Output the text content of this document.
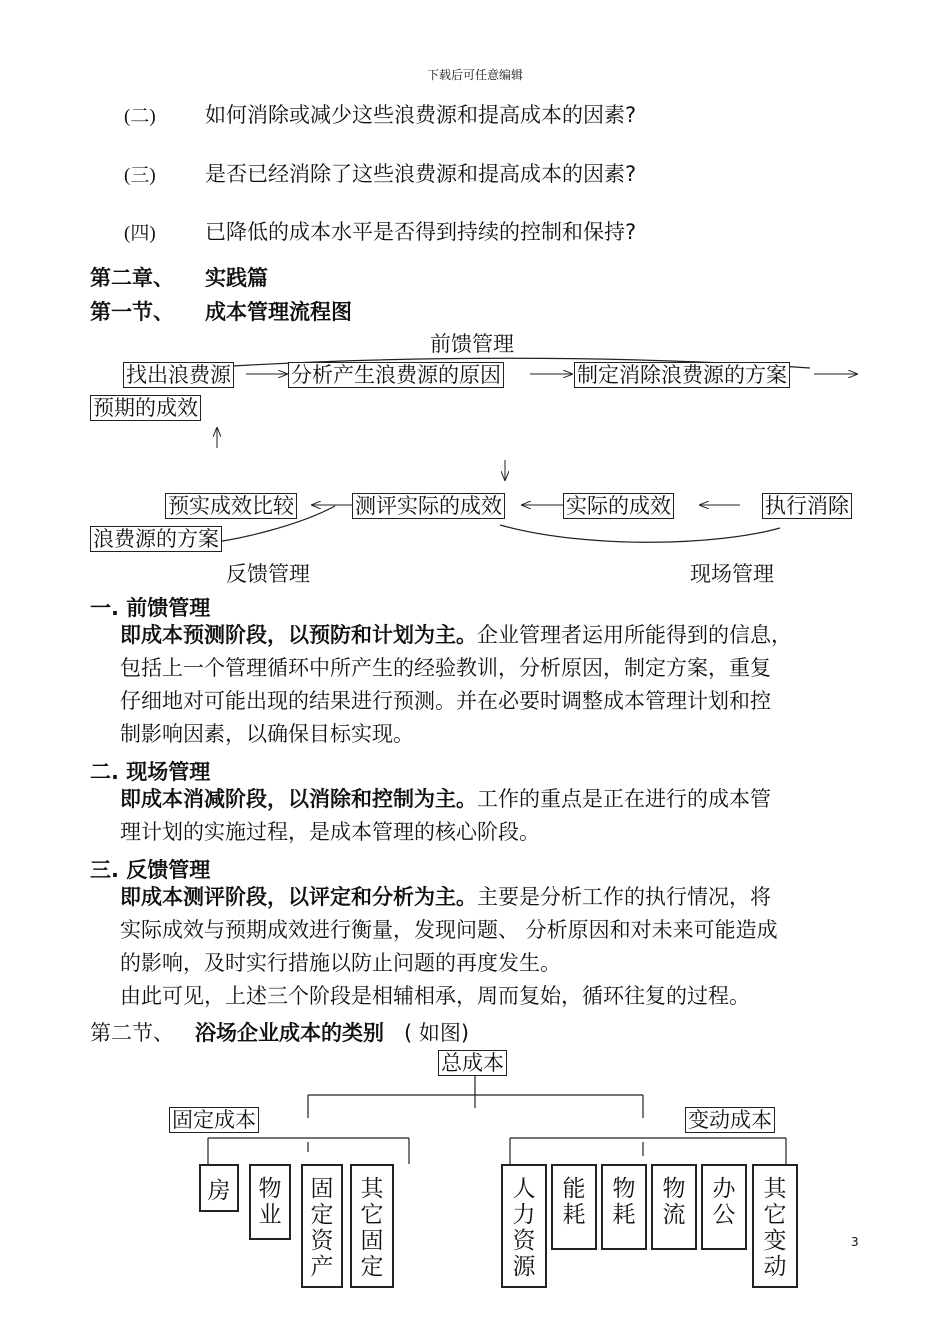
下载后可任意编辑
(二) 如何消除或减少这些浪费源和提高成本的因素?
(三) 是否已经消除了这些浪费源和提高成本的因素?
(四) 已降低的成本水平是否得到持续的控制和保持?
第二章、 实践篇
第一节、 成本管理流程图
前馈管理
找出浪费源	分析产生浪费源的原因	制定消除浪费源的方案
预期的成效
预实成效比较	测评实际的成效	实际的成效	执行消除
浪费源的方案
反馈管理	现场管理
一. 前馈管理
即成本预测阶段，以预防和计划为主。企业管理者运用所能得到的信息，
包括上一个管理循环中所产生的经验教训，分析原因，制定方案，重复
仔细地对可能出现的结果进行预测。并在必要时调整成本管理计划和控
制影响因素，以确保目标实现。
二. 现场管理
即成本消减阶段，以消除和控制为主。工作的重点是正在进行的成本管
理计划的实施过程，是成本管理的核心阶段。
三. 反馈管理
即成本测评阶段，以评定和分析为主。主要是分析工作的执行情况，将
实际成效与预期成效进行衡量，发现问题、 分析原因和对未来可能造成
的影响，及时实行措施以防止问题的再度发生。
由此可见，上述三个阶段是相辅相承，周而复始，循环往复的过程。
第二节、 浴场企业成本的类别 ( 如图)
总成本
固定成本	变动成本
房	物
业
固
定
资
产
其
它
固
定
人
力
资
源
能
耗
物
耗
物
流
办
公
其
它
变
动
3
